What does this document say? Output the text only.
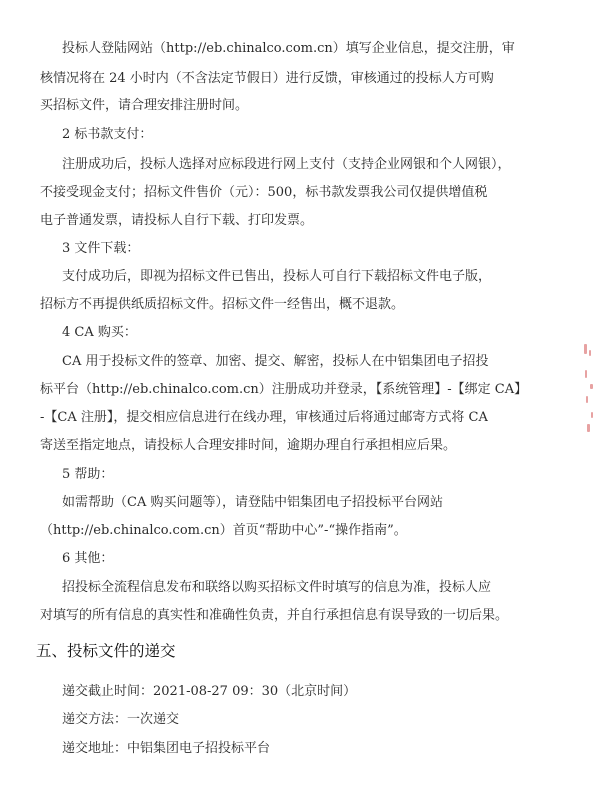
投标人登陆网站（http://eb.chinalco.com.cn）填写企业信息，提交注册，审
核情况将在 24 小时内（不含法定节假日）进行反馈，审核通过的投标人方可购
买招标文件，请合理安排注册时间。
2 标书款支付：
注册成功后，投标人选择对应标段进行网上支付（支持企业网银和个人网银），
不接受现金支付；招标文件售价（元）：500，标书款发票我公司仅提供增值税
电子普通发票，请投标人自行下载、打印发票。
3 文件下载：
支付成功后，即视为招标文件已售出，投标人可自行下载招标文件电子版，
招标方不再提供纸质招标文件。招标文件一经售出，概不退款。
4 CA 购买：
CA 用于投标文件的签章、加密、提交、解密，投标人在中铝集团电子招投
标平台（http://eb.chinalco.com.cn）注册成功并登录，【系统管理】-【绑定 CA】
-【CA 注册】，提交相应信息进行在线办理，审核通过后将通过邮寄方式将 CA
寄送至指定地点，请投标人合理安排时间，逾期办理自行承担相应后果。
5 帮助：
如需帮助（CA 购买问题等），请登陆中铝集团电子招投标平台网站
（http://eb.chinalco.com.cn）首页“帮助中心”-“操作指南”。
6 其他：
招投标全流程信息发布和联络以购买招标文件时填写的信息为准，投标人应
对填写的所有信息的真实性和准确性负责，并自行承担信息有误导致的一切后果。
五、投标文件的递交
递交截止时间：2021-08-27 09：30（北京时间）
递交方法：一次递交
递交地址：中铝集团电子招投标平台
